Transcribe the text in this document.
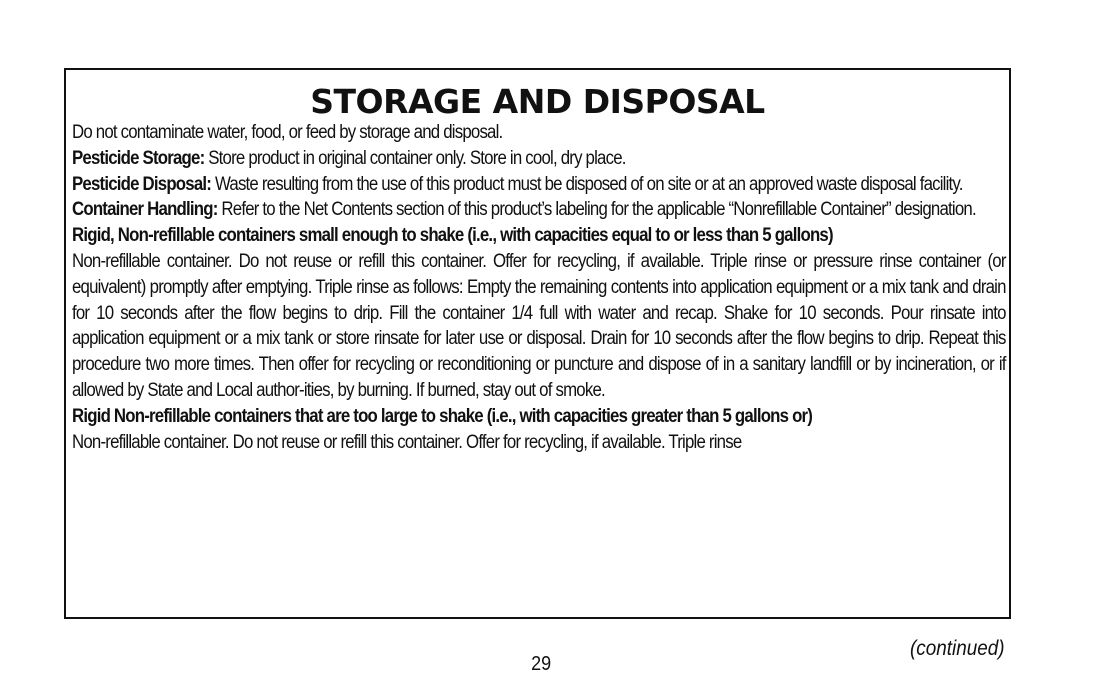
STORAGE AND DISPOSAL

Do not contaminate water, food, or feed by storage and disposal.

Pesticide Storage: Store product in original container only. Store in cool, dry place.

Pesticide Disposal: Waste resulting from the use of this product must be disposed of on site or at an approved waste disposal facility.

Container Handling: Refer to the Net Contents section of this product’s labeling for the applicable “Nonrefillable Container” designation.

Rigid, Non-refillable containers small enough to shake (i.e., with capacities equal to or less than 5 gallons)

Non-refillable container. Do not reuse or refill this container. Offer for recycling, if available. Triple rinse or pressure rinse container (or equivalent) promptly after emptying. Triple rinse as follows: Empty the remaining contents into application equipment or a mix tank and drain for 10 seconds after the flow begins to drip. Fill the container 1/4 full with water and recap. Shake for 10 seconds. Pour rinsate into application equipment or a mix tank or store rinsate for later use or disposal. Drain for 10 seconds after the flow begins to drip. Repeat this procedure two more times. Then offer for recycling or reconditioning or puncture and dispose of in a sanitary landfill or by incineration, or if allowed by State and Local author-ities, by burning. If burned, stay out of smoke.

Rigid Non-refillable containers that are too large to shake (i.e., with capacities greater than 5 gallons or)

Non-refillable container. Do not reuse or refill this container. Offer for recycling, if available. Triple rinse

29
(continued)
